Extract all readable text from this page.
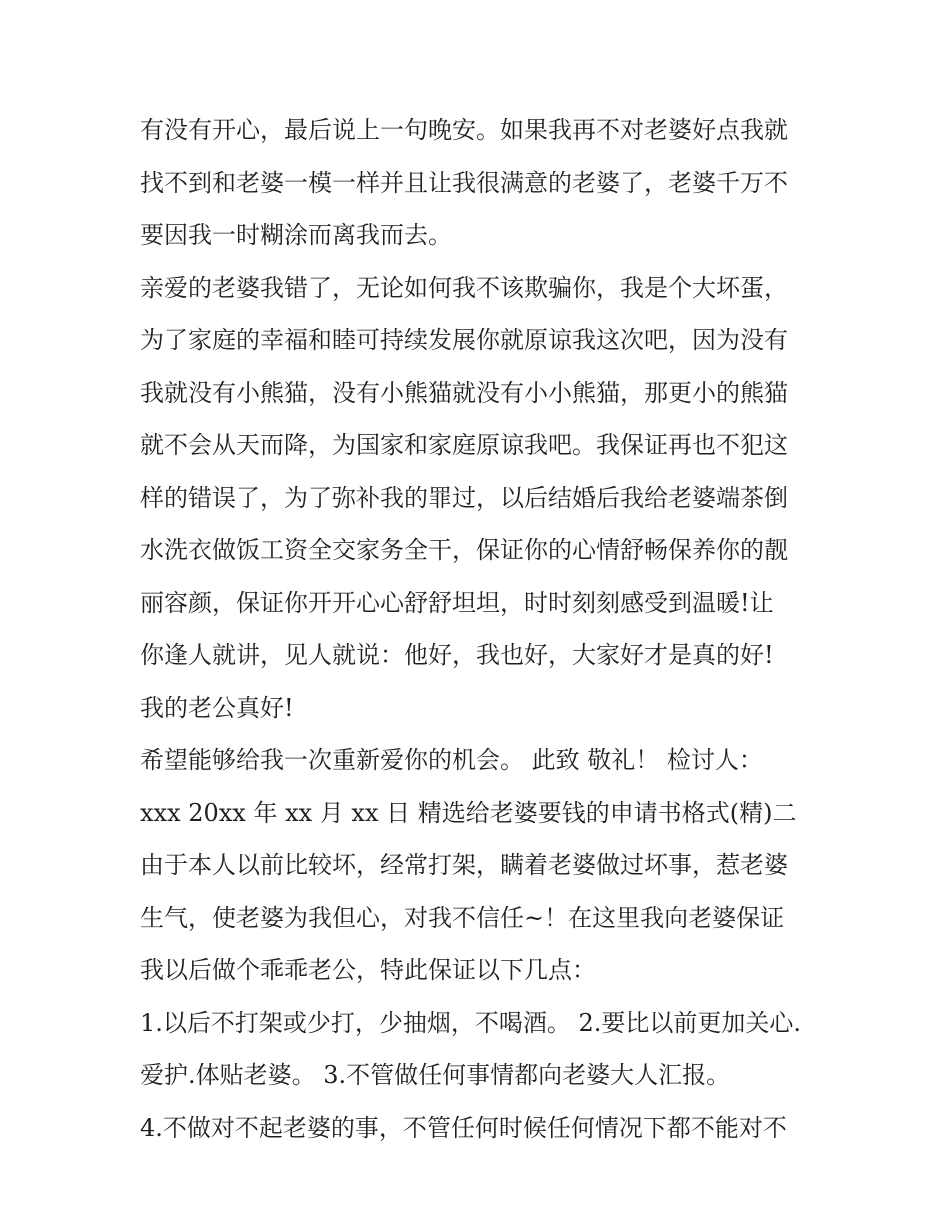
有没有开心，最后说上一句晚安。如果我再不对老婆好点我就
找不到和老婆一模一样并且让我很满意的老婆了，老婆千万不
要因我一时糊涂而离我而去。
亲爱的老婆我错了，无论如何我不该欺骗你，我是个大坏蛋，
为了家庭的幸福和睦可持续发展你就原谅我这次吧，因为没有
我就没有小熊猫，没有小熊猫就没有小小熊猫，那更小的熊猫
就不会从天而降，为国家和家庭原谅我吧。我保证再也不犯这
样的错误了，为了弥补我的罪过，以后结婚后我给老婆端茶倒
水洗衣做饭工资全交家务全干，保证你的心情舒畅保养你的靓
丽容颜，保证你开开心心舒舒坦坦，时时刻刻感受到温暖!让
你逢人就讲，见人就说：他好，我也好，大家好才是真的好!
我的老公真好!
希望能够给我一次重新爱你的机会。 此致 敬礼！ 检讨人：
xxx 20xx 年 xx 月 xx 日 精选给老婆要钱的申请书格式(精)二
由于本人以前比较坏，经常打架，瞒着老婆做过坏事，惹老婆
生气，使老婆为我但心，对我不信任~！在这里我向老婆保证
我以后做个乖乖老公，特此保证以下几点：
1.以后不打架或少打，少抽烟，不喝酒。 2.要比以前更加关心.
爱护.体贴老婆。 3.不管做任何事情都向老婆大人汇报。
4.不做对不起老婆的事，不管任何时候任何情况下都不能对不
